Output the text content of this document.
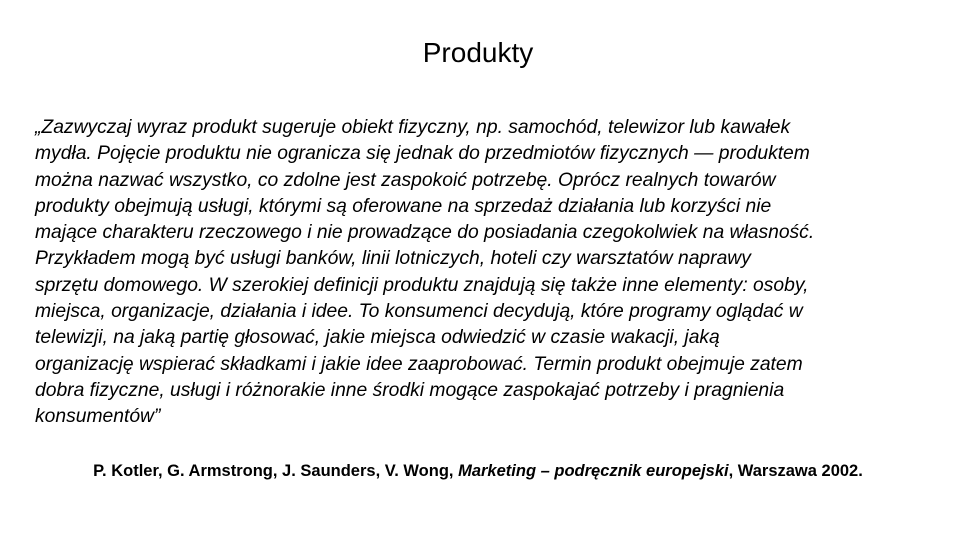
Produkty
„Zazwyczaj wyraz produkt sugeruje obiekt fizyczny, np. samochód, telewizor lub kawałek
mydła. Pojęcie produktu nie ogranicza się jednak do przedmiotów fizycznych — produktem
można nazwać wszystko, co zdolne jest zaspokoić potrzebę. Oprócz realnych towarów
produkty obejmują usługi, którymi są oferowane na sprzedaż działania lub korzyści nie
mające charakteru rzeczowego i nie prowadzące do posiadania czegokolwiek na własność.
Przykładem mogą być usługi banków, linii lotniczych, hoteli czy warsztatów naprawy
sprzętu domowego. W szerokiej definicji produktu znajdują się także inne elementy: osoby,
miejsca, organizacje, działania i idee. To konsumenci decydują, które programy oglądać w
telewizji, na jaką partię głosować, jakie miejsca odwiedzić w czasie wakacji, jaką
organizację wspierać składkami i jakie idee zaaprobować. Termin produkt obejmuje zatem
dobra fizyczne, usługi i różnorakie inne środki mogące zaspokajać potrzeby i pragnienia
konsumentów”

P. Kotler, G. Armstrong, J. Saunders, V. Wong, Marketing – podręcznik europejski, Warszawa 2002.
